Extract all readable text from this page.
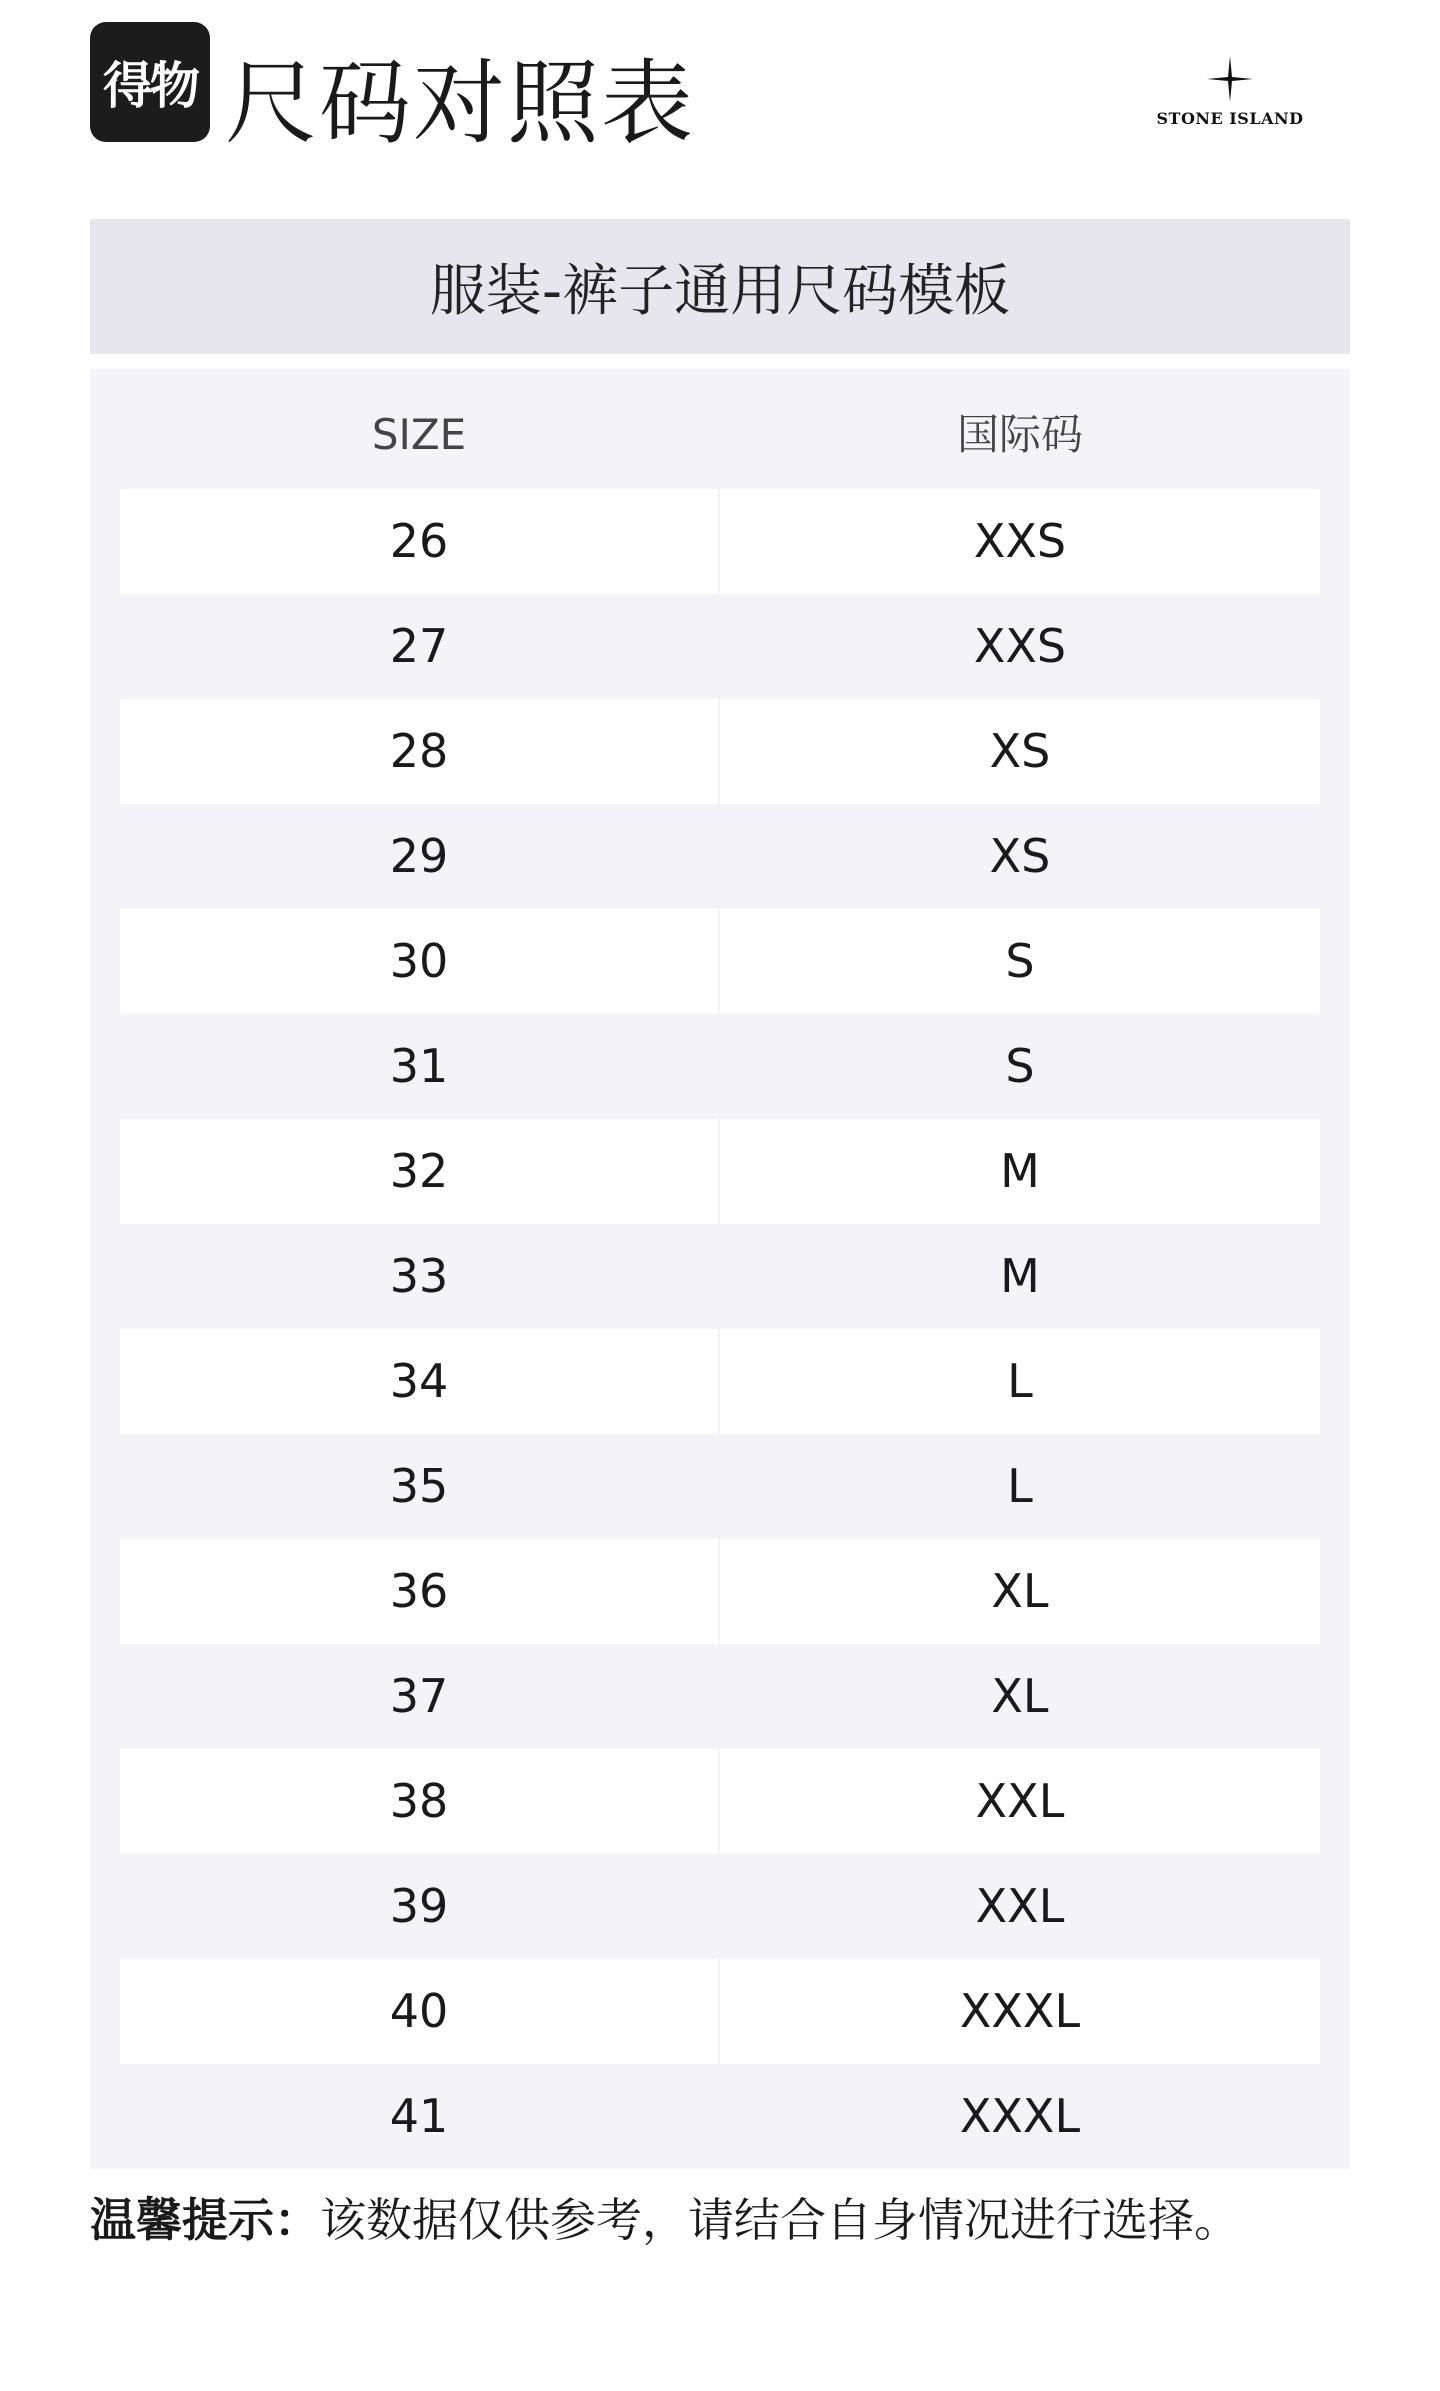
得物 尺码对照表	STONE ISLAND
服装-裤子通用尺码模板
SIZE	国际码
26	XXS
27	XXS
28	XS
29	XS
30	S
31	S
32	M
33	M
34	L
35	L
36	XL
37	XL
38	XXL
39	XXL
40	XXXL
41	XXXL
温馨提示：该数据仅供参考，请结合自身情况进行选择。
